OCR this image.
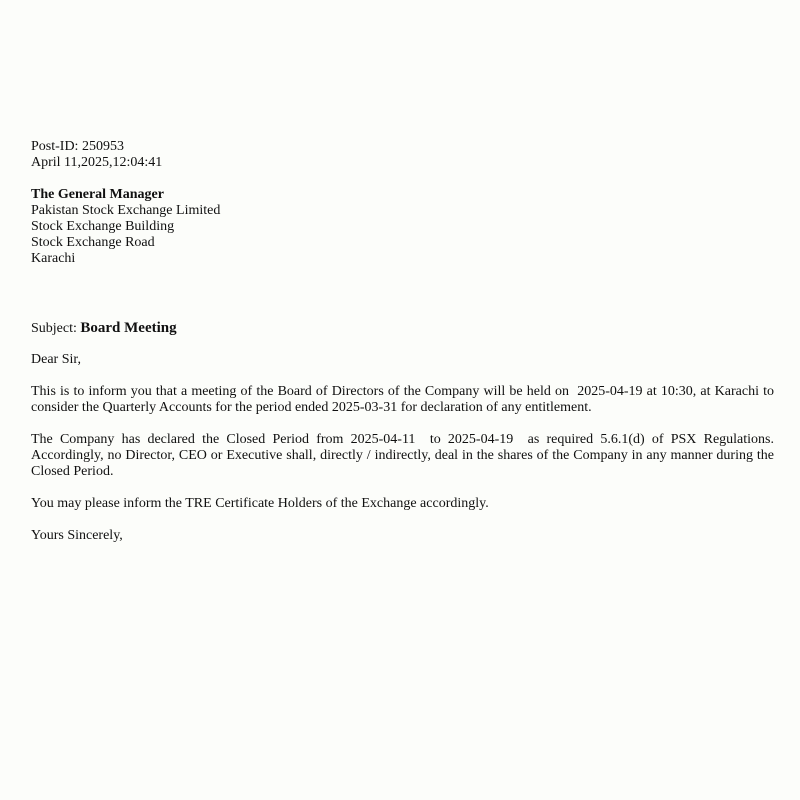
Post-ID: 250953
April 11,2025,12:04:41
The General Manager
Pakistan Stock Exchange Limited
Stock Exchange Building
Stock Exchange Road
Karachi
Subject: Board Meeting

Dear Sir,

This is to inform you that a meeting of the Board of Directors of the Company will be held on  2025-04-19 at 10:30, at Karachi to consider the Quarterly Accounts for the period ended 2025-03-31 for declaration of any entitlement.

The Company has declared the Closed Period from 2025-04-11  to 2025-04-19  as required 5.6.1(d) of PSX Regulations. Accordingly, no Director, CEO or Executive shall, directly / indirectly, deal in the shares of the Company in any manner during the Closed Period.

You may please inform the TRE Certificate Holders of the Exchange accordingly.

Yours Sincerely,
